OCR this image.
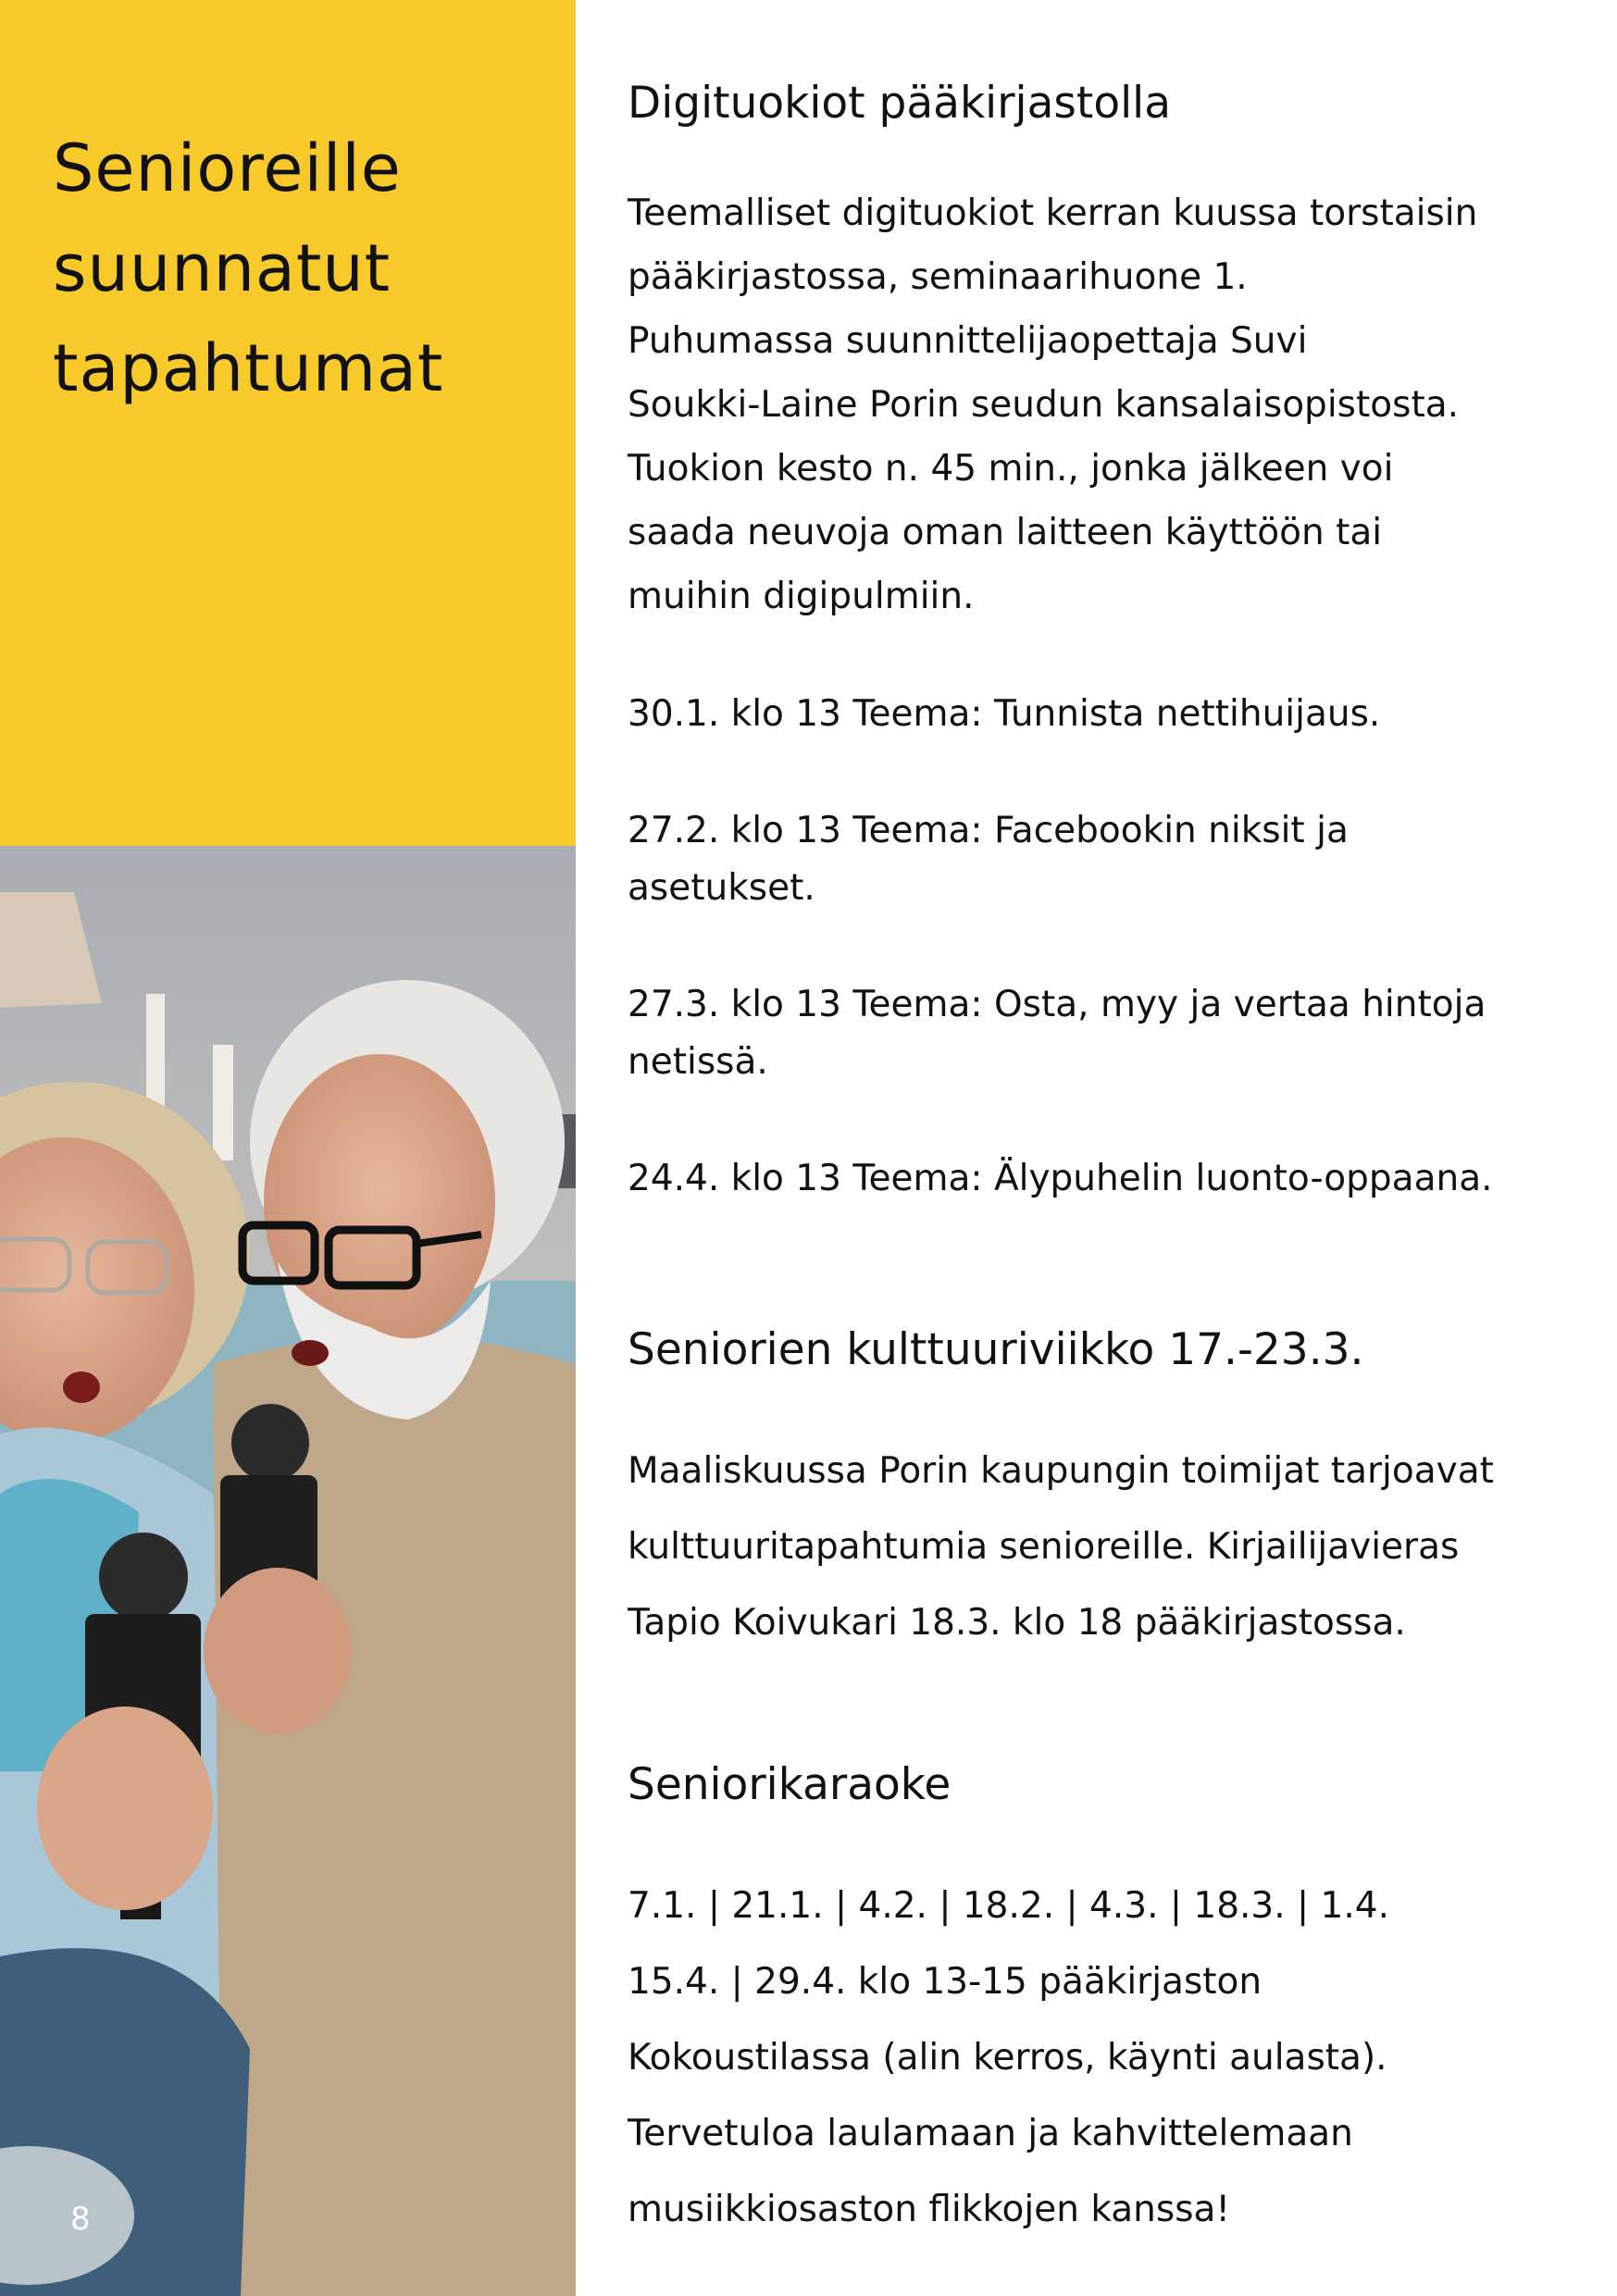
Senioreille
suunnatut
tapahtumat
8
Digituokiot pääkirjastolla

Teemalliset digituokiot kerran kuussa torstaisin
pääkirjastossa, seminaarihuone 1.
Puhumassa suunnittelijaopettaja Suvi
Soukki-Laine Porin seudun kansalaisopistosta.
Tuokion kesto n. 45 min., jonka jälkeen voi
saada neuvoja oman laitteen käyttöön tai
muihin digipulmiin.

30.1. klo 13 Teema: Tunnista nettihuijaus.

27.2. klo 13 Teema: Facebookin niksit ja
asetukset.

27.3. klo 13 Teema: Osta, myy ja vertaa hintoja
netissä.

24.4. klo 13 Teema: Älypuhelin luonto-oppaana.

Seniorien kulttuuriviikko 17.-23.3.

Maaliskuussa Porin kaupungin toimijat tarjoavat
kulttuuritapahtumia senioreille. Kirjailijavieras
Tapio Koivukari 18.3. klo 18 pääkirjastossa.

Seniorikaraoke

7.1. | 21.1. | 4.2. | 18.2. | 4.3. | 18.3. | 1.4.
15.4. | 29.4. klo 13-15 pääkirjaston
Kokoustilassa (alin kerros, käynti aulasta).
Tervetuloa laulamaan ja kahvittelemaan
musiikkiosaston flikkojen kanssa!
